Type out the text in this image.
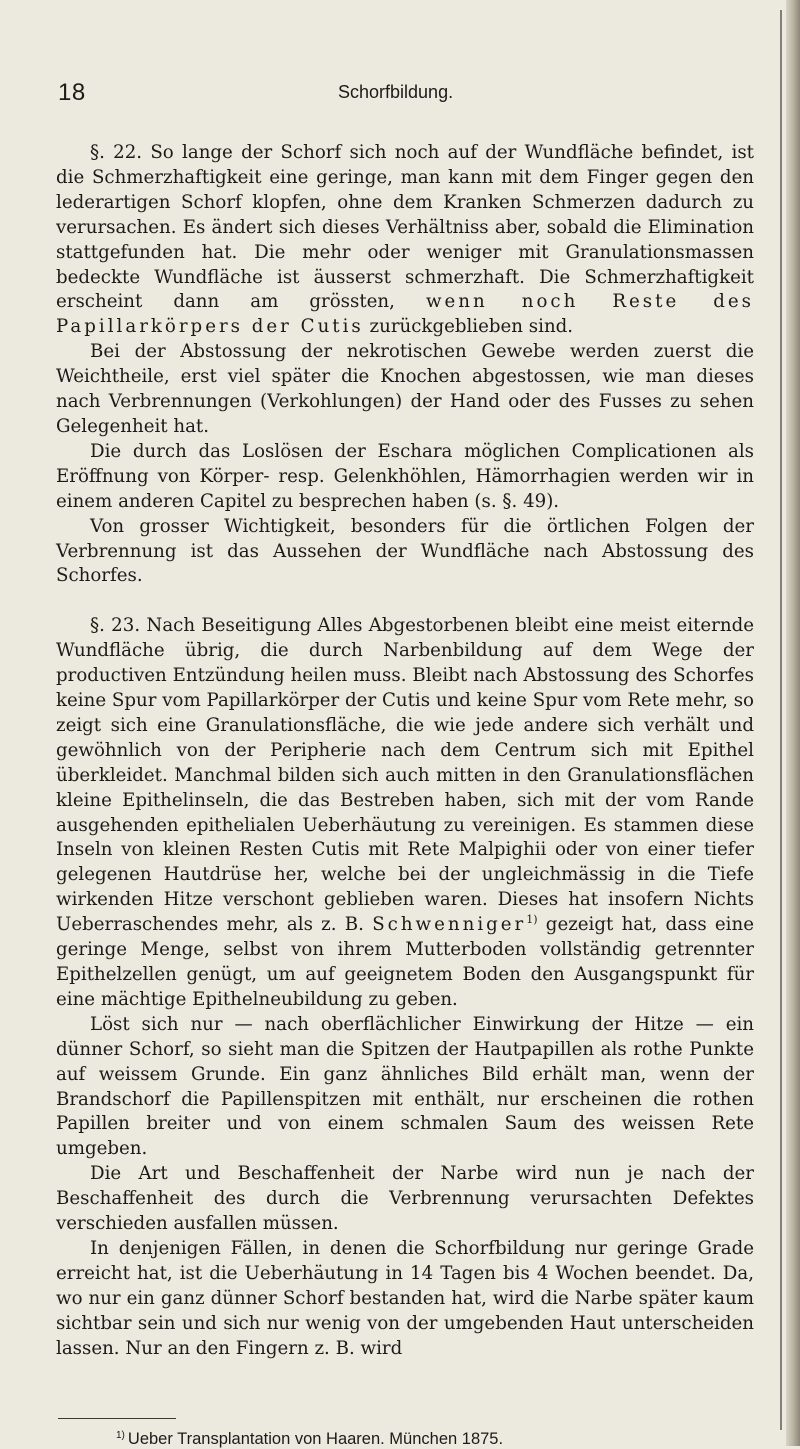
18	Schorfbildung.

§. 22. So lange der Schorf sich noch auf der Wundfläche befindet, ist die Schmerzhaftigkeit eine geringe, man kann mit dem Finger gegen den lederartigen Schorf klopfen, ohne dem Kranken Schmerzen dadurch zu verursachen. Es ändert sich dieses Verhältniss aber, sobald die Elimination stattgefunden hat. Die mehr oder weniger mit Granulationsmassen bedeckte Wundfläche ist äusserst schmerzhaft. Die Schmerzhaftigkeit erscheint dann am grössten, wenn noch Reste des Papillarkörpers der Cutis zurückgeblieben sind.

Bei der Abstossung der nekrotischen Gewebe werden zuerst die Weichtheile, erst viel später die Knochen abgestossen, wie man dieses nach Verbrennungen (Verkohlungen) der Hand oder des Fusses zu sehen Gelegenheit hat.

Die durch das Loslösen der Eschara möglichen Complicationen als Eröffnung von Körper- resp. Gelenkhöhlen, Hämorrhagien werden wir in einem anderen Capitel zu besprechen haben (s. §. 49).

Von grosser Wichtigkeit, besonders für die örtlichen Folgen der Verbrennung ist das Aussehen der Wundfläche nach Abstossung des Schorfes.

§. 23. Nach Beseitigung Alles Abgestorbenen bleibt eine meist eiternde Wundfläche übrig, die durch Narbenbildung auf dem Wege der productiven Entzündung heilen muss. Bleibt nach Abstossung des Schorfes keine Spur vom Papillarkörper der Cutis und keine Spur vom Rete mehr, so zeigt sich eine Granulationsfläche, die wie jede andere sich verhält und gewöhnlich von der Peripherie nach dem Centrum sich mit Epithel überkleidet. Manchmal bilden sich auch mitten in den Granulationsflächen kleine Epithelinseln, die das Bestreben haben, sich mit der vom Rande ausgehenden epithelialen Ueberhäutung zu vereinigen. Es stammen diese Inseln von kleinen Resten Cutis mit Rete Malpighii oder von einer tiefer gelegenen Hautdrüse her, welche bei der ungleichmässig in die Tiefe wirkenden Hitze verschont geblieben waren. Dieses hat insofern Nichts Ueberraschendes mehr, als z. B. Schwenniger$^{1)}$ gezeigt hat, dass eine geringe Menge, selbst von ihrem Mutterboden vollständig getrennter Epithelzellen genügt, um auf geeignetem Boden den Ausgangspunkt für eine mächtige Epithelneubildung zu geben.

Löst sich nur — nach oberflächlicher Einwirkung der Hitze — ein dünner Schorf, so sieht man die Spitzen der Hautpapillen als rothe Punkte auf weissem Grunde. Ein ganz ähnliches Bild erhält man, wenn der Brandschorf die Papillenspitzen mit enthält, nur erscheinen die rothen Papillen breiter und von einem schmalen Saum des weissen Rete umgeben.

Die Art und Beschaffenheit der Narbe wird nun je nach der Beschaffenheit des durch die Verbrennung verursachten Defektes verschieden ausfallen müssen.

In denjenigen Fällen, in denen die Schorfbildung nur geringe Grade erreicht hat, ist die Ueberhäutung in 14 Tagen bis 4 Wochen beendet. Da, wo nur ein ganz dünner Schorf bestanden hat, wird die Narbe später kaum sichtbar sein und sich nur wenig von der umgebenden Haut unterscheiden lassen. Nur an den Fingern z. B. wird

$^{1)}$ Ueber Transplantation von Haaren. München 1875.
